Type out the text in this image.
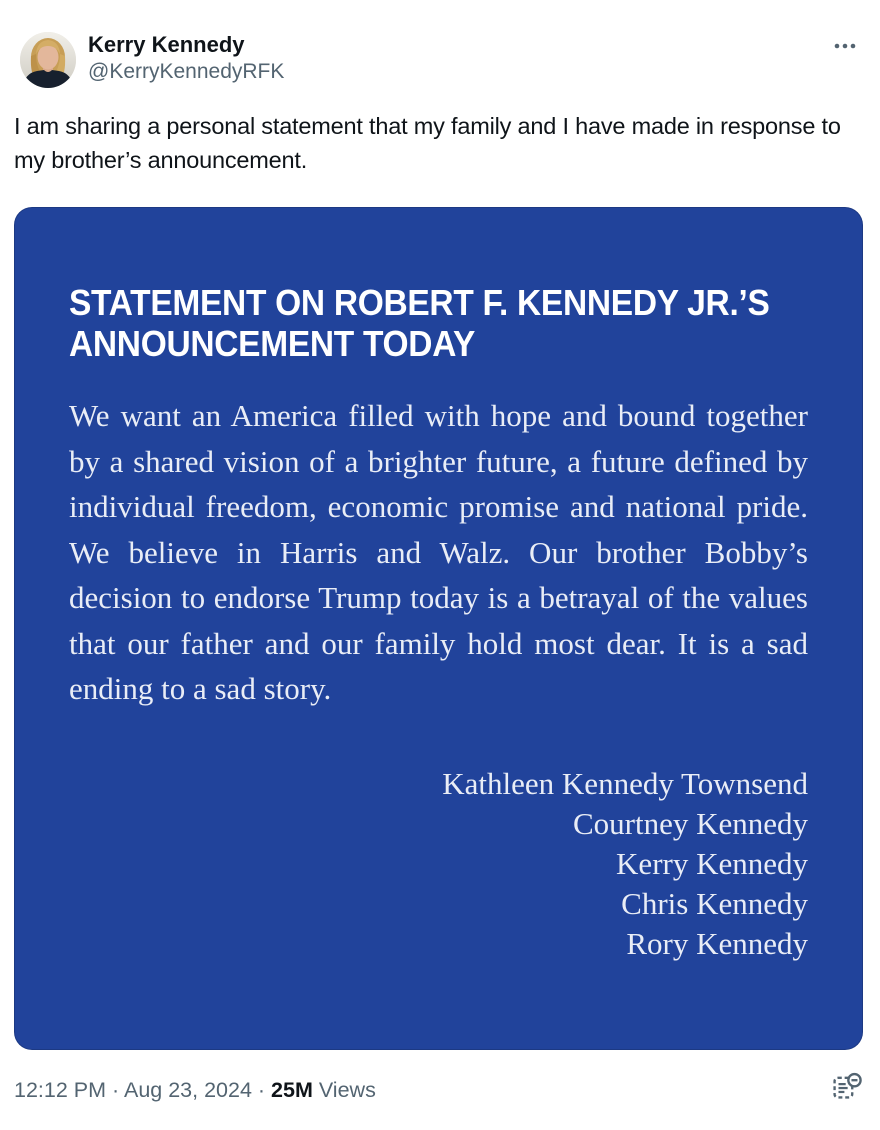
Kerry Kennedy
@KerryKennedyRFK

I am sharing a personal statement that my family and I have made in response to my brother’s announcement.

STATEMENT ON ROBERT F. KENNEDY JR.’S
ANNOUNCEMENT TODAY

We want an America filled with hope and bound together by a shared vision of a brighter future, a future defined by individual freedom, economic promise and national pride. We believe in Harris and Walz. Our brother Bobby’s decision to endorse Trump today is a betrayal of the values that our father and our family hold most dear. It is a sad ending to a sad story.

Kathleen Kennedy Townsend
Courtney Kennedy
Kerry Kennedy
Chris Kennedy
Rory Kennedy
12:12 PM · Aug 23, 2024 · 25M Views
